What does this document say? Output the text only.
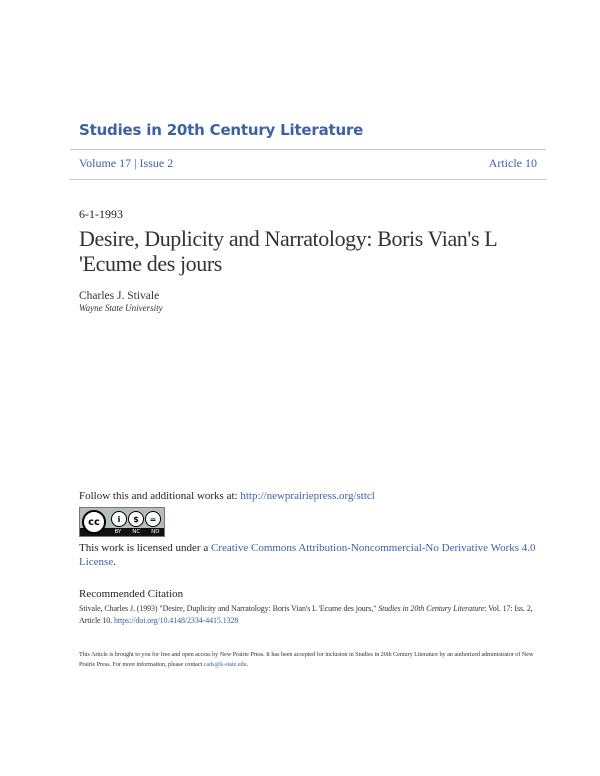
Studies in 20th Century Literature
Volume 17 | Issue 2	Article 10
6-1-1993
Desire, Duplicity and Narratology: Boris Vian's L 'Ecume des jours
Charles J. Stivale
Wayne State University
Follow this and additional works at: http://newprairiepress.org/sttcl
cc	i	$	=
BY NC ND
This work is licensed under a Creative Commons Attribution-Noncommercial-No Derivative Works 4.0 License.
Recommended Citation
Stivale, Charles J. (1993) "Desire, Duplicity and Narratology: Boris Vian's L 'Ecume des jours," Studies in 20th Century Literature: Vol. 17: Iss. 2, Article 10. https://doi.org/10.4148/2334-4415.1328
This Article is brought to you for free and open access by New Prairie Press. It has been accepted for inclusion in Studies in 20th Century Literature by an authorized administrator of New Prairie Press. For more information, please contact cads@k-state.edu.
